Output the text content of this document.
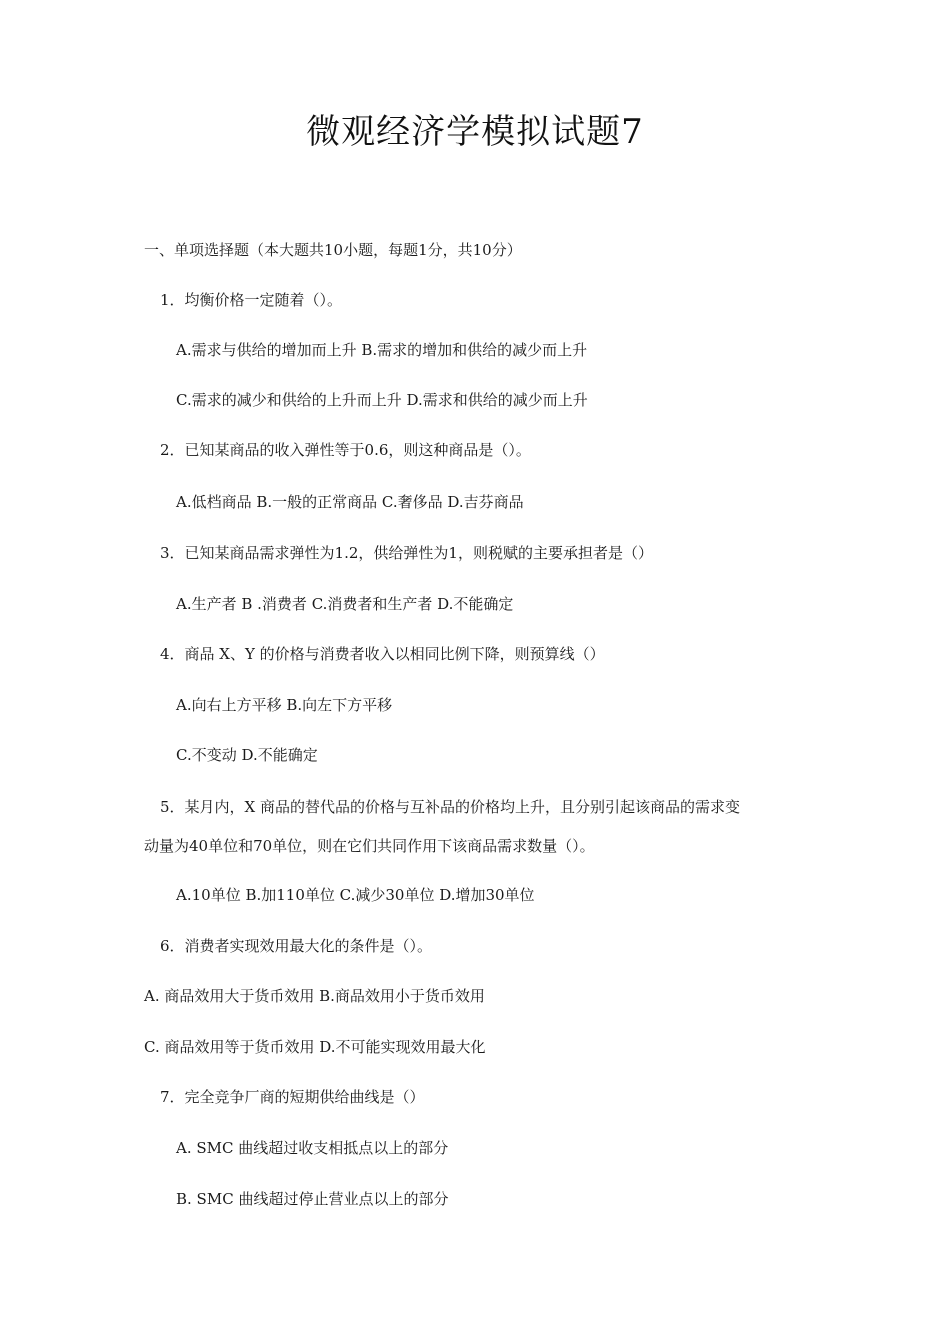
微观经济学模拟试题7
一、单项选择题（本大题共10小题，每题1分，共10分）
1．均衡价格一定随着（）。
A.需求与供给的增加而上升 B.需求的增加和供给的减少而上升
C.需求的减少和供给的上升而上升 D.需求和供给的减少而上升
2．已知某商品的收入弹性等于0.6，则这种商品是（）。
A.低档商品 B.一般的正常商品 C.奢侈品 D.吉芬商品
3．已知某商品需求弹性为1.2，供给弹性为1，则税赋的主要承担者是（）
A.生产者 B .消费者 C.消费者和生产者 D.不能确定
4．商品 X、Y 的价格与消费者收入以相同比例下降，则预算线（）
A.向右上方平移 B.向左下方平移
C.不变动 D.不能确定
5．某月内，X 商品的替代品的价格与互补品的价格均上升，且分别引起该商品的需求变
动量为40单位和70单位，则在它们共同作用下该商品需求数量（）。
A.10单位 B.加110单位 C.减少30单位 D.增加30单位
6．消费者实现效用最大化的条件是（）。
A. 商品效用大于货币效用 B.商品效用小于货币效用
C. 商品效用等于货币效用 D.不可能实现效用最大化
7．完全竞争厂商的短期供给曲线是（）
A. SMC 曲线超过收支相抵点以上的部分
B. SMC 曲线超过停止营业点以上的部分
